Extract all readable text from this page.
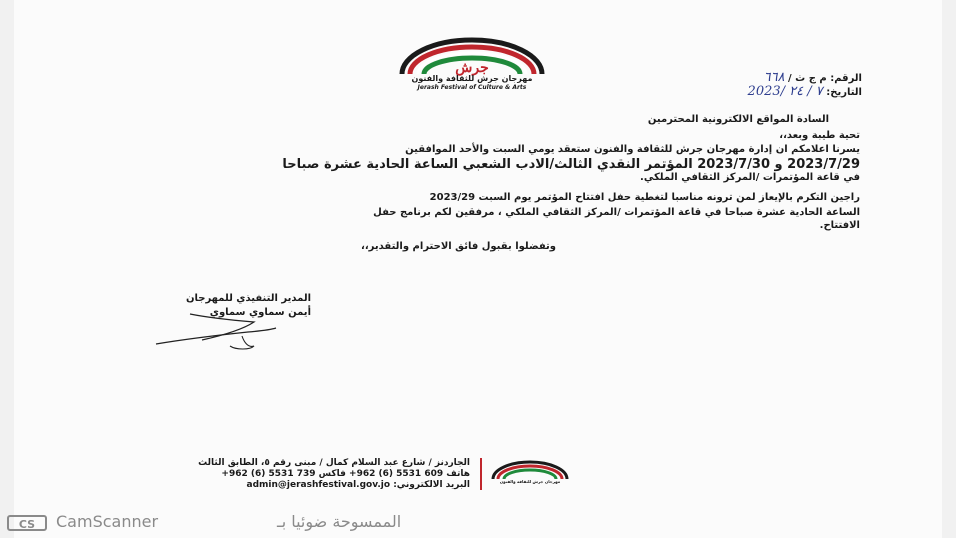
جرش
مهرجان جرش للثقافة والفنون
Jerash Festival of Culture & Arts
الرقم: م ج ث / ٦٦٨
التاريخ: ٧ / ٢٤ /2023
السادة المواقع الالكترونية المحترمين
تحية طيبة وبعد،،
يسرنا اعلامكم ان إدارة مهرجان جرش للثقافة والفنون ستعقد يومي السبت والأحد الموافقين
2023/7/29 و 2023/7/30 المؤتمر النقدي الثالث/الادب الشعبي الساعة الحادية عشرة صباحا
في قاعة المؤتمرات /المركز الثقافي الملكي.
راجين التكرم بالإيعاز لمن ترونه مناسبا لتغطية حفل افتتاح المؤتمر يوم السبت 2023/29
الساعة الحادية عشرة صباحا في قاعة المؤتمرات /المركز الثقافي الملكي ، مرفقين لكم برنامج حفل
الافتتاح.
وتفضلوا بقبول فائق الاحترام والتقدير،،
المدير التنفيذي للمهرجان
أيمن سماوي سماوي
الجاردنز / شارع عبد السلام كمال / مبنى رقم ٥، الطابق الثالث
هاتف 609 5531 (6) 962+ فاكس 739 5531 (6) 962+
البريد الالكتروني: admin@jerashfestival.gov.jo	مهرجان جرش للثقافة والفنون
CS	CamScanner	الممسوحة ضوئيا بـ
